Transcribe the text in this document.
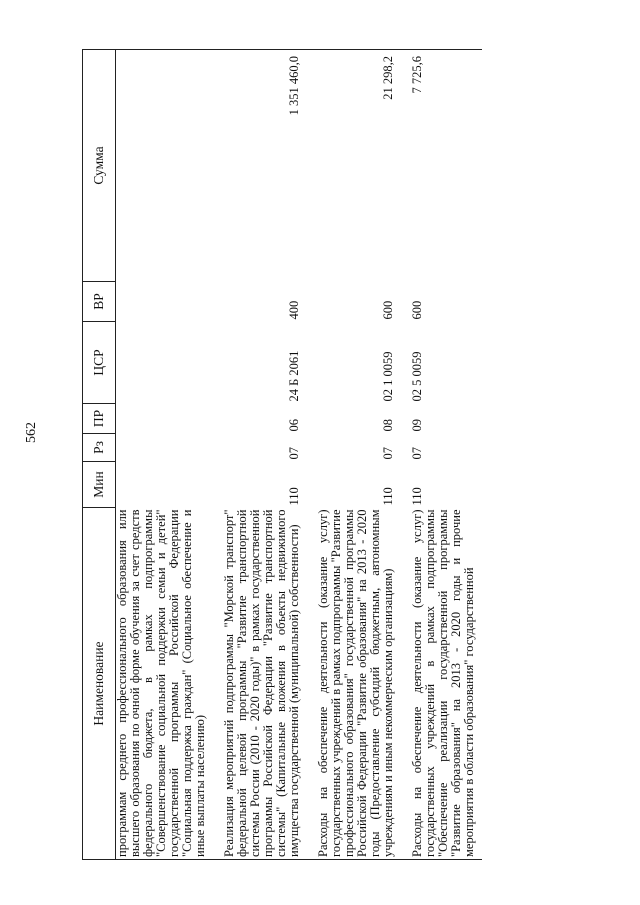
562
Наименование	Мин	Рз	ПР	ЦСР	ВР	Сумма
программам среднего профессионального образования или высшего образования по очной форме обучения за счет средств федерального бюджета, в рамках подпрограммы "Совершенствование социальной поддержки семьи и детей" государственной программы Российской Федерации "Социальная поддержка граждан" (Социальное обеспечение и иные выплаты населению)						
Реализация мероприятий подпрограммы "Морской транспорт" федеральной целевой программы "Развитие транспортной системы России (2010 - 2020 годы)" в рамках государственной программы Российской Федерации "Развитие транспортной системы" (Капитальные вложения в объекты недвижимого имущества государственной (муниципальной) собственности)	110	07	06	24 Б 2061	400	1 351 460,0
Расходы на обеспечение деятельности (оказание услуг) государственных учреждений в рамках подпрограммы "Развитие профессионального образования" государственной программы Российской Федерации "Развитие образования" на 2013 - 2020 годы (Предоставление субсидий бюджетным, автономным учреждениям и иным некоммерческим организациям)	110	07	08	02 1 0059	600	21 298,2
Расходы на обеспечение деятельности (оказание услуг) государственных учреждений в рамках подпрограммы "Обеспечение реализации государственной программы "Развитие образования" на 2013 - 2020 годы и прочие мероприятия в области образования" государственной	110	07	09	02 5 0059	600	7 725,6
